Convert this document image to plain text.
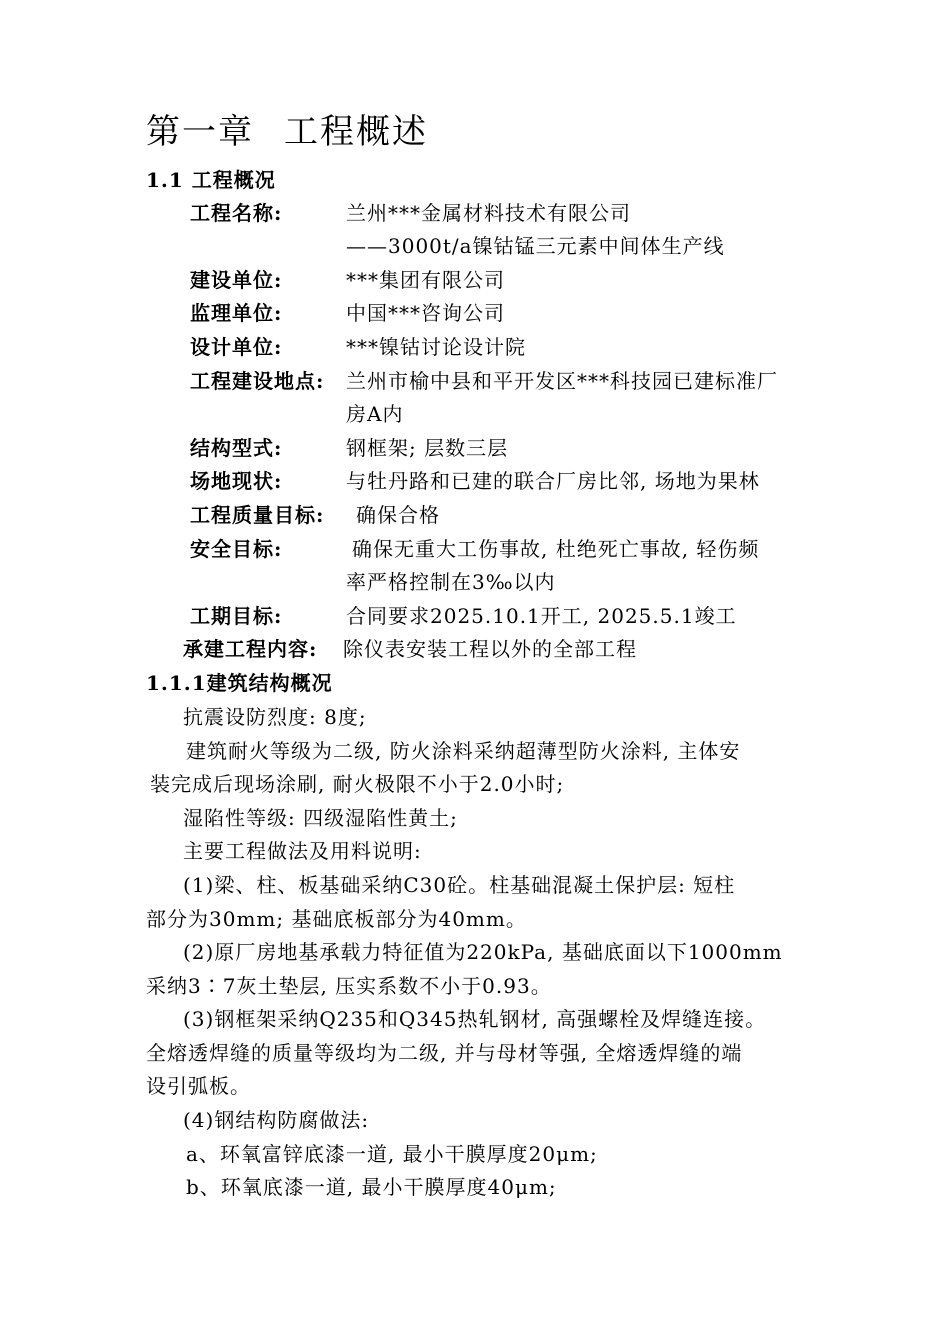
第一章 工程概述
1.1 工程概况
工程名称:	兰州***金属材料技术有限公司
——3000t/a镍钴锰三元素中间体生产线
建设单位:	***集团有限公司
监理单位:	中国***咨询公司
设计单位:	***镍钴讨论设计院
工程建设地点: 兰州市榆中县和平开发区***科技园已建标准厂
房A内
结构型式:	钢框架; 层数三层
场地现状:	与牡丹路和已建的联合厂房比邻, 场地为果林
工程质量目标: 确保合格
安全目标:	确保无重大工伤事故, 杜绝死亡事故, 轻伤频
率严格控制在3‰以内
工期目标:	合同要求2025.10.1开工, 2025.5.1竣工
承建工程内容: 除仪表安装工程以外的全部工程
1.1.1建筑结构概况
抗震设防烈度: 8度;
建筑耐火等级为二级, 防火涂料采纳超薄型防火涂料, 主体安
装完成后现场涂刷, 耐火极限不小于2.0小时;
湿陷性等级: 四级湿陷性黄土;
主要工程做法及用料说明:
(1)梁、柱、板基础采纳C30砼。柱基础混凝土保护层: 短柱
部分为30mm; 基础底板部分为40mm。
(2)原厂房地基承载力特征值为220kPa, 基础底面以下1000mm
采纳3∶7灰土垫层, 压实系数不小于0.93。
(3)钢框架采纳Q235和Q345热轧钢材, 高强螺栓及焊缝连接。
全熔透焊缝的质量等级均为二级, 并与母材等强, 全熔透焊缝的端
设引弧板。
(4)钢结构防腐做法:
a、环氧富锌底漆一道, 最小干膜厚度20μm;
b、环氧底漆一道, 最小干膜厚度40μm;
